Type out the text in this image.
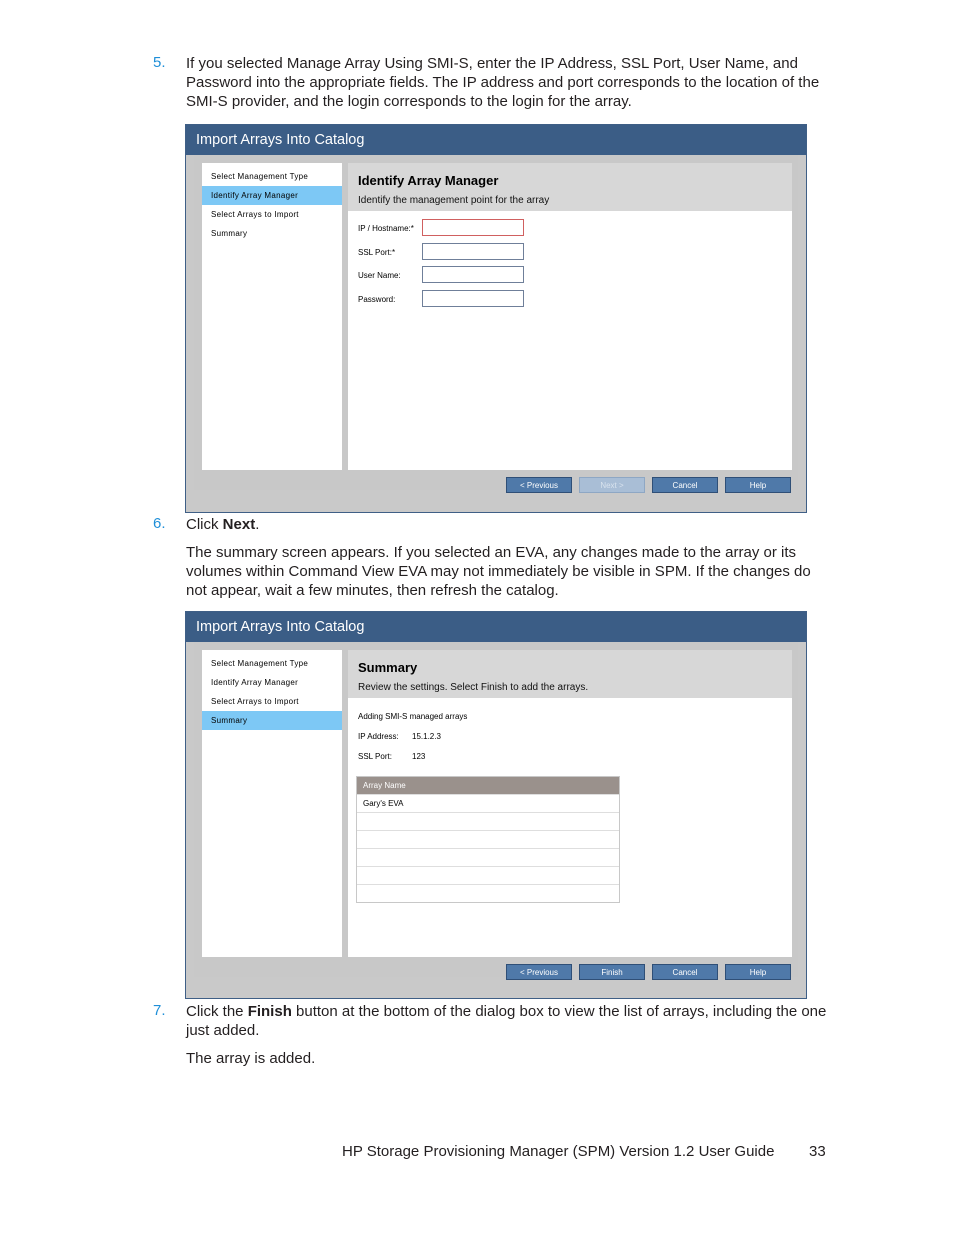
5. If you selected Manage Array Using SMI-S, enter the IP Address, SSL Port, User Name, and Password into the appropriate fields. The IP address and port corresponds to the location of the SMI-S provider, and the login corresponds to the login for the array.
Import Arrays Into Catalog
Select Management Type
Identify Array Manager
Select Arrays to Import
Summary
Identify Array Manager
Identify the management point for the array
IP / Hostname:*
SSL Port:*
User Name:
Password:
< Previous	Next >	Cancel	Help
6. Click Next.
The summary screen appears. If you selected an EVA, any changes made to the array or its volumes within Command View EVA may not immediately be visible in SPM. If the changes do not appear, wait a few minutes, then refresh the catalog.
Import Arrays Into Catalog
Select Management Type
Identify Array Manager
Select Arrays to Import
Summary
Summary
Review the settings. Select Finish to add the arrays.
Adding SMI-S managed arrays
IP Address: 15.1.2.3
SSL Port:	123
Array Name
Gary's EVA
< Previous	Finish	Cancel	Help
7. Click the Finish button at the bottom of the dialog box to view the list of arrays, including the one just added.
The array is added.
HP Storage Provisioning Manager (SPM) Version 1.2 User Guide 33
